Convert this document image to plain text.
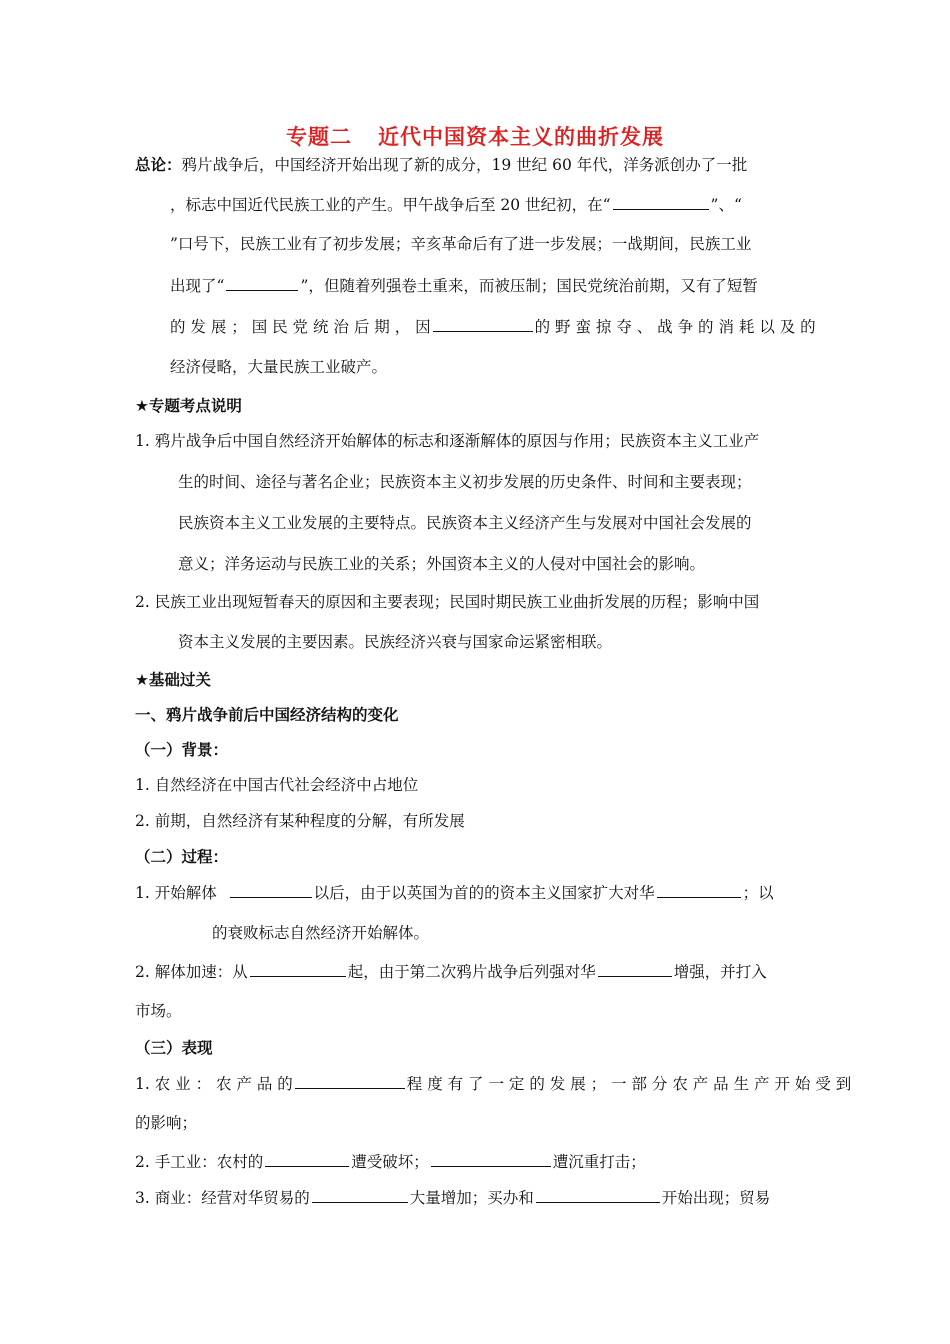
专题二 近代中国资本主义的曲折发展
总论：鸦片战争后，中国经济开始出现了新的成分，19 世纪 60 年代，洋务派创办了一批
，标志中国近代民族工业的产生。甲午战争后至 20 世纪初，在“	”、“
”口号下，民族工业有了初步发展；辛亥革命后有了进一步发展；一战期间，民族工业
出现了“	”，但随着列强卷土重来，而被压制；国民党统治前期，又有了短暂
的 发 展 ； 国 民 党 统 治 后 期 ， 因	的 野 蛮 掠 夺 、 战 争 的 消 耗 以 及 的
经济侵略，大量民族工业破产。
★专题考点说明
1. 鸦片战争后中国自然经济开始解体的标志和逐渐解体的原因与作用；民族资本主义工业产
生的时间、途径与著名企业；民族资本主义初步发展的历史条件、时间和主要表现；
民族资本主义工业发展的主要特点。民族资本主义经济产生与发展对中国社会发展的
意义；洋务运动与民族工业的关系；外国资本主义的人侵对中国社会的影响。
2. 民族工业出现短暂春天的原因和主要表现；民国时期民族工业曲折发展的历程；影响中国
资本主义发展的主要因素。民族经济兴衰与国家命运紧密相联。
★基础过关
一、鸦片战争前后中国经济结构的变化
（一）背景：
1. 自然经济在中国古代社会经济中占地位
2. 前期，自然经济有某种程度的分解，有所发展
（二）过程：
1. 开始解体	以后，由于以英国为首的的资本主义国家扩大对华	；以
的衰败标志自然经济开始解体。
2. 解体加速：从	起，由于第二次鸦片战争后列强对华	增强，并打入
市场。
（三）表现
1. 农 业 ： 农 产 品 的	程 度 有 了 一 定 的 发 展 ； 一 部 分 农 产 品 生 产 开 始 受 到
的影响；
2. 手工业：农村的	遭受破坏；	遭沉重打击；
3. 商业：经营对华贸易的	大量增加；买办和	开始出现；贸易
